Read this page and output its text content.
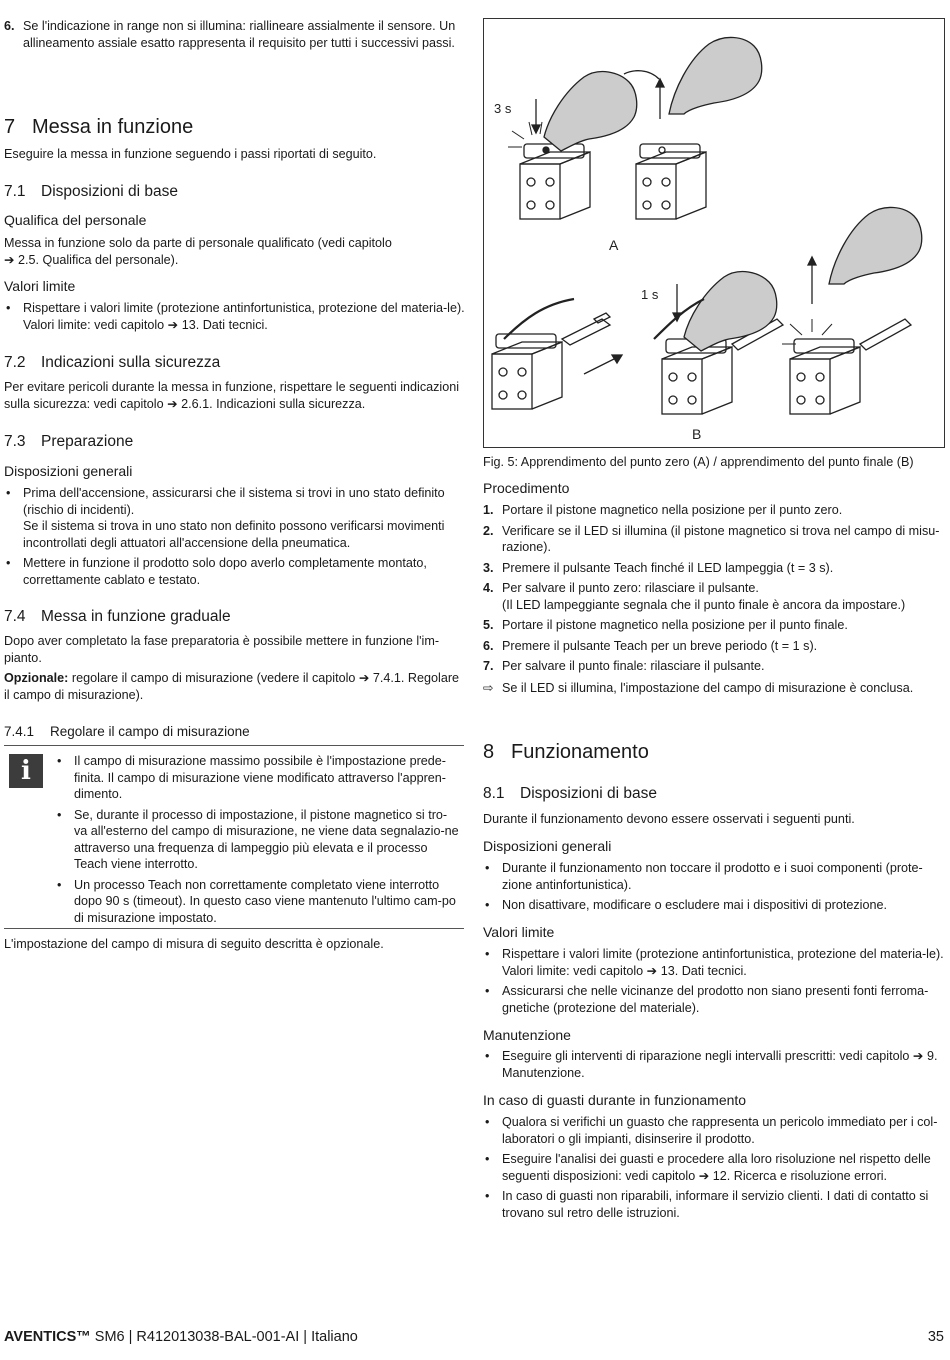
6. Se l'indicazione in range non si illumina: riallineare assialmente il sensore. Un allineamento assiale esatto rappresenta il requisito per tutti i successivi passi.

7 Messa in funzione

Eseguire la messa in funzione seguendo i passi riportati di seguito.

7.1 Disposizioni di base
Qualifica del personale

Messa in funzione solo da parte di personale qualificato (vedi capitolo ➔ 2.5. Qualifica del personale).

Valori limite
• Rispettare i valori limite (protezione antinfortunistica, protezione del materia-le). Valori limite: vedi capitolo ➔ 13. Dati tecnici.
7.2 Indicazioni sulla sicurezza

Per evitare pericoli durante la messa in funzione, rispettare le seguenti indicazioni sulla sicurezza: vedi capitolo ➔ 2.6.1. Indicazioni sulla sicurezza.

7.3 Preparazione
Disposizioni generali

• Prima dell'accensione, assicurarsi che il sistema si trovi in uno stato definito (rischio di incidenti).

Se il sistema si trova in uno stato non definito possono verificarsi movimenti incontrollati degli attuatori all'accensione della pneumatica.

• Mettere in funzione il prodotto solo dopo averlo completamente montato, correttamente cablato e testato.
7.4 Messa in funzione graduale

Dopo aver completato la fase preparatoria è possibile mettere in funzione l'im-pianto.

Opzionale: regolare il campo di misurazione (vedere il capitolo ➔ 7.4.1. Regolare il campo di misurazione).

7.4.1 Regolare il campo di misurazione
i
•	Il campo di misurazione massimo possibile è l'impostazione prede-finita. Il campo di misurazione viene modificato attraverso l'appren-dimento.
• Se, durante il processo di impostazione, il pistone magnetico si tro-va all'esterno del campo di misurazione, ne viene data segnalazio-ne attraverso una frequenza di lampeggio più elevata e il processo Teach viene interrotto.
• Un processo Teach non correttamente completato viene interrotto dopo 90 s (timeout). In questo caso viene mantenuto l'ultimo cam-po di misurazione impostato.

L'impostazione del campo di misura di seguito descritta è opzionale.

3 s
A
1 s
B

Fig. 5: Apprendimento del punto zero (A) / apprendimento del punto finale (B)

Procedimento
1. Portare il pistone magnetico nella posizione per il punto zero.
2. Verificare se il LED si illumina (il pistone magnetico si trova nel campo di misu-razione).
3. Premere il pulsante Teach finché il LED lampeggia (t = 3 s).
4. Per salvare il punto zero: rilasciare il pulsante.
(Il LED lampeggiante segnala che il punto finale è ancora da impostare.)
5. Portare il pistone magnetico nella posizione per il punto finale.
6. Premere il pulsante Teach per un breve periodo (t = 1 s).
7. Per salvare il punto finale: rilasciare il pulsante.
⇨ Se il LED si illumina, l'impostazione del campo di misurazione è conclusa.
8 Funzionamento
8.1 Disposizioni di base

Durante il funzionamento devono essere osservati i seguenti punti.

Disposizioni generali
• Durante il funzionamento non toccare il prodotto e i suoi componenti (prote-zione antinfortunistica).
• Non disattivare, modificare o escludere mai i dispositivi di protezione.
Valori limite
• Rispettare i valori limite (protezione antinfortunistica, protezione del materia-le). Valori limite: vedi capitolo ➔ 13. Dati tecnici.
• Assicurarsi che nelle vicinanze del prodotto non siano presenti fonti ferroma-gnetiche (protezione del materiale).
Manutenzione
• Eseguire gli interventi di riparazione negli intervalli prescritti: vedi capitolo ➔ 9. Manutenzione.
In caso di guasti durante in funzionamento
• Qualora si verifichi un guasto che rappresenta un pericolo immediato per i col-laboratori o gli impianti, disinserire il prodotto.
• Eseguire l'analisi dei guasti e procedere alla loro risoluzione nel rispetto delle seguenti disposizioni: vedi capitolo ➔ 12. Ricerca e risoluzione errori.
• In caso di guasti non riparabili, informare il servizio clienti. I dati di contatto si trovano sul retro delle istruzioni.
AVENTICS™ SM6 | R412013038-BAL-001-AI | Italiano	35
